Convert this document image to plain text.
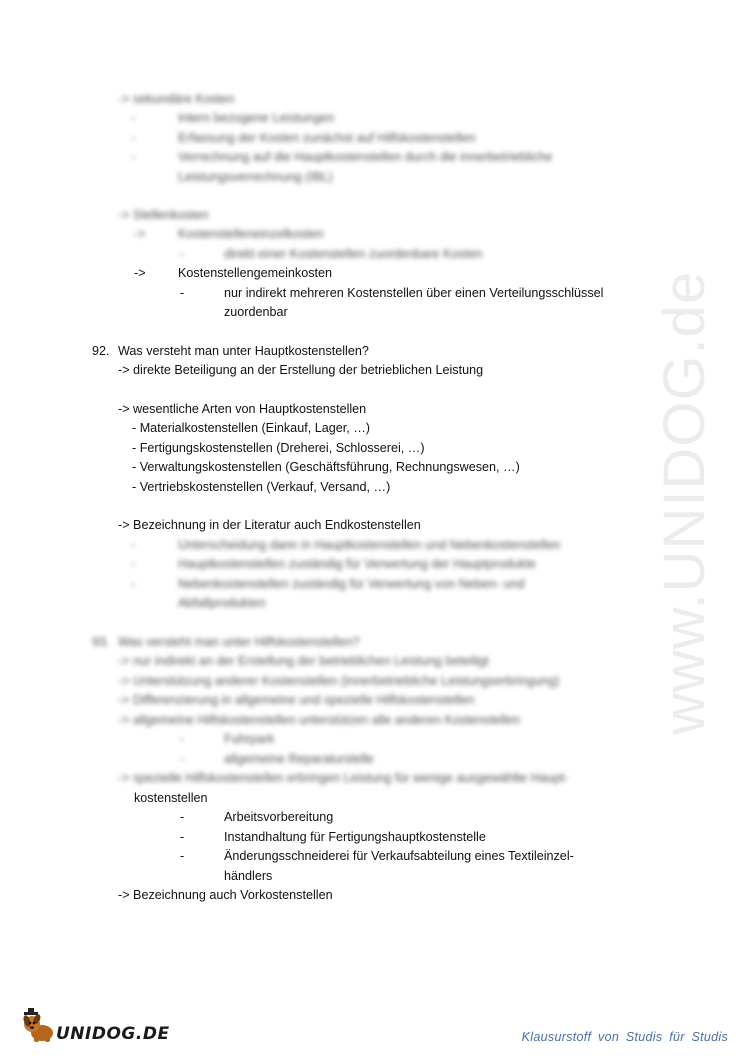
www.UNIDOG.de
-> sekundäre Kosten
-	Intern bezogene Leistungen
-	Erfassung der Kosten zunächst auf Hilfskostenstellen
-	Verrechnung auf die Hauptkostenstellen durch die innerbetriebliche
Leistungsverrechnung (IBL)
-> Stellenkosten
->	Kostenstelleneinzelkosten
-	direkt einer Kostenstellen zuordenbare Kosten
->	Kostenstellengemeinkosten
-	nur indirekt mehreren Kostenstellen über einen Verteilungsschlüssel
zuordenbar
92. Was versteht man unter Hauptkostenstellen?
-> direkte Beteiligung an der Erstellung der betrieblichen Leistung
-> wesentliche Arten von Hauptkostenstellen
- Materialkostenstellen (Einkauf, Lager, …)
- Fertigungskostenstellen (Dreherei, Schlosserei, …)
- Verwaltungskostenstellen (Geschäftsführung, Rechnungswesen, …)
- Vertriebskostenstellen (Verkauf, Versand, …)
-> Bezeichnung in der Literatur auch Endkostenstellen
-	Unterscheidung dann in Hauptkostenstellen und Nebenkostenstellen
-	Hauptkostenstellen zuständig für Verwertung der Hauptprodukte
-	Nebenkostenstellen zuständig für Verwertung von Neben- und
Abfallprodukten
93. Was versteht man unter Hilfskostenstellen?
-> nur indirekt an der Erstellung der betrieblichen Leistung beteiligt
-> Unterstützung anderer Kostenstellen (innerbetriebliche Leistungserbringung)
-> Differenzierung in allgemeine und spezielle Hilfskostenstellen
-> allgemeine Hilfskostenstellen unterstützen alle anderen Kostenstellen
-	Fuhrpark
-	allgemeine Reparaturstelle
-> spezielle Hilfskostenstellen erbringen Leistung für wenige ausgewählte Haupt-
kostenstellen
-	Arbeitsvorbereitung
-	Instandhaltung für Fertigungshauptkostenstelle
-	Änderungsschneiderei für Verkaufsabteilung eines Textileinzel-
händlers
-> Bezeichnung auch Vorkostenstellen
UNIDOG.DE	Klausurstoff von Studis für Studis
